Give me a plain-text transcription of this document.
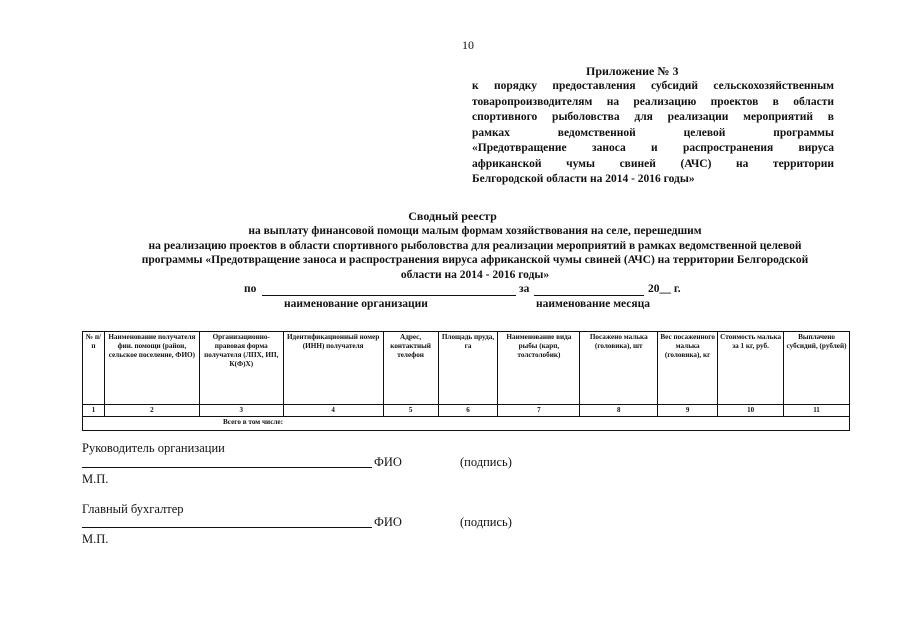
10
Приложение № 3
к порядку предоставления субсидий сельскохозяйственным
товаропроизводителям на реализацию проектов в области
спортивного рыболовства для реализации мероприятий в
рамках ведомственной целевой программы
«Предотвращение заноса и распространения вируса
африканской чумы свиней (АЧС) на территории
Белгородской области на 2014 - 2016 годы»
Сводный реестр
на выплату финансовой помощи малым формам хозяйствования на селе, перешедшим
на реализацию проектов в области спортивного рыболовства для реализации мероприятий в рамках ведомственной целевой
программы «Предотвращение заноса и распространения вируса африканской чумы свиней (АЧС) на территории Белгородской
области на 2014 - 2016 годы»
по	за	20__ г.
наименование организации	наименование месяца
№ п/п	Наименование получателя фин. помощи (район, сельское поселение, ФИО)	Организационно-правовая форма получателя (ЛПХ, ИП, К(Ф)Х)	Идентификационный номер (ИНН) получателя	Адрес, контактный телефон	Площадь пруда, га	Наименование вида рыбы (карп, толстолобик)	Посажено малька (головика), шт	Вес посаженного малька (головика), кг	Стоимость малька за 1 кг, руб.	Выплачено субсидий, (рублей)
1	2	3	4	5	6	7	8	9	10	11
Всего в том числе:										
Руководитель организации
ФИО	(подпись)
М.П.
Главный бухгалтер
ФИО	(подпись)
М.П.
